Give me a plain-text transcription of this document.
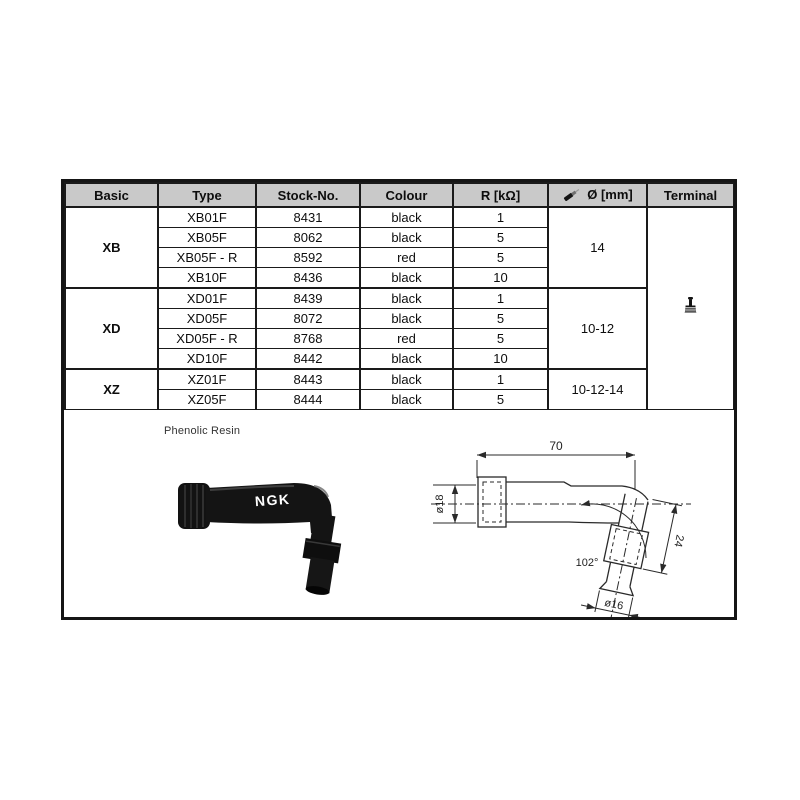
Basic	Type	Stock-No.	Colour	R [kΩ]	Ø [mm]	Terminal
XB	XB01F	8431	black	1	14	
	XB05F	8062	black	5		
	XB05F - R	8592	red	5		
	XB10F	8436	black	10		
XD	XD01F	8439	black	1	10-12	
	XD05F	8072	black	5		
	XD05F - R	8768	red	5		
	XD10F	8442	black	10		
XZ	XZ01F	8443	black	1	10-12-14	
	XZ05F	8444	black	5		
Phenolic Resin
NGK
70
ø18
ø16
24
102°
